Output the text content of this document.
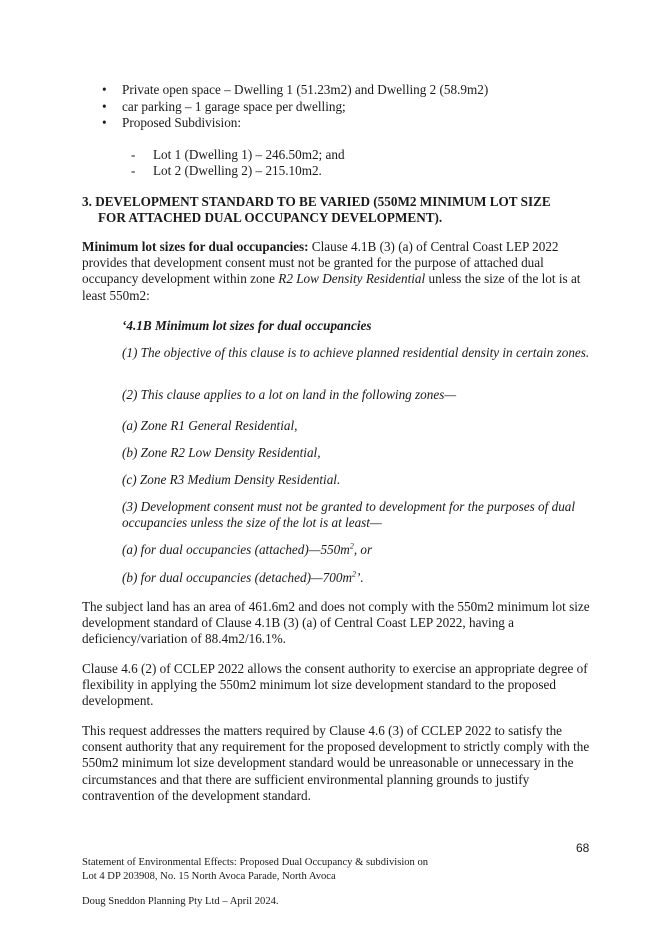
• Private open space – Dwelling 1 (51.23m2) and Dwelling 2 (58.9m2)
• car parking – 1 garage space per dwelling;
• Proposed Subdivision:
- Lot 1 (Dwelling 1) – 246.50m2; and
- Lot 2 (Dwelling 2) – 215.10m2.
3. DEVELOPMENT STANDARD TO BE VARIED (550M2 MINIMUM LOT SIZE
FOR ATTACHED DUAL OCCUPANCY DEVELOPMENT).
Minimum lot sizes for dual occupancies: Clause 4.1B (3) (a) of Central Coast LEP 2022 provides that development consent must not be granted for the purpose of attached dual occupancy development within zone R2 Low Density Residential unless the size of the lot is at least 550m2:
‘4.1B Minimum lot sizes for dual occupancies
(1) The objective of this clause is to achieve planned residential density in certain zones.
(2) This clause applies to a lot on land in the following zones—
(a) Zone R1 General Residential,
(b) Zone R2 Low Density Residential,
(c) Zone R3 Medium Density Residential.
(3) Development consent must not be granted to development for the purposes of dual occupancies unless the size of the lot is at least—
(a) for dual occupancies $(attached)—550m^2$, or
(b) for dual occupancies $(detached)—700m^2$’.
The subject land has an area of 461.6m2 and does not comply with the 550m2 minimum lot size development standard of Clause 4.1B (3) (a) of Central Coast LEP 2022, having a deficiency/variation of 88.4m2/16.1%.
Clause 4.6 (2) of CCLEP 2022 allows the consent authority to exercise an appropriate degree of flexibility in applying the 550m2 minimum lot size development standard to the proposed development.
This request addresses the matters required by Clause 4.6 (3) of CCLEP 2022 to satisfy the consent authority that any requirement for the proposed development to strictly comply with the 550m2 minimum lot size development standard would be unreasonable or unnecessary in the circumstances and that there are sufficient environmental planning grounds to justify contravention of the development standard.
68
Statement of Environmental Effects: Proposed Dual Occupancy & subdivision on
Lot 4 DP 203908, No. 15 North Avoca Parade, North Avoca
Doug Sneddon Planning Pty Ltd – April 2024.
